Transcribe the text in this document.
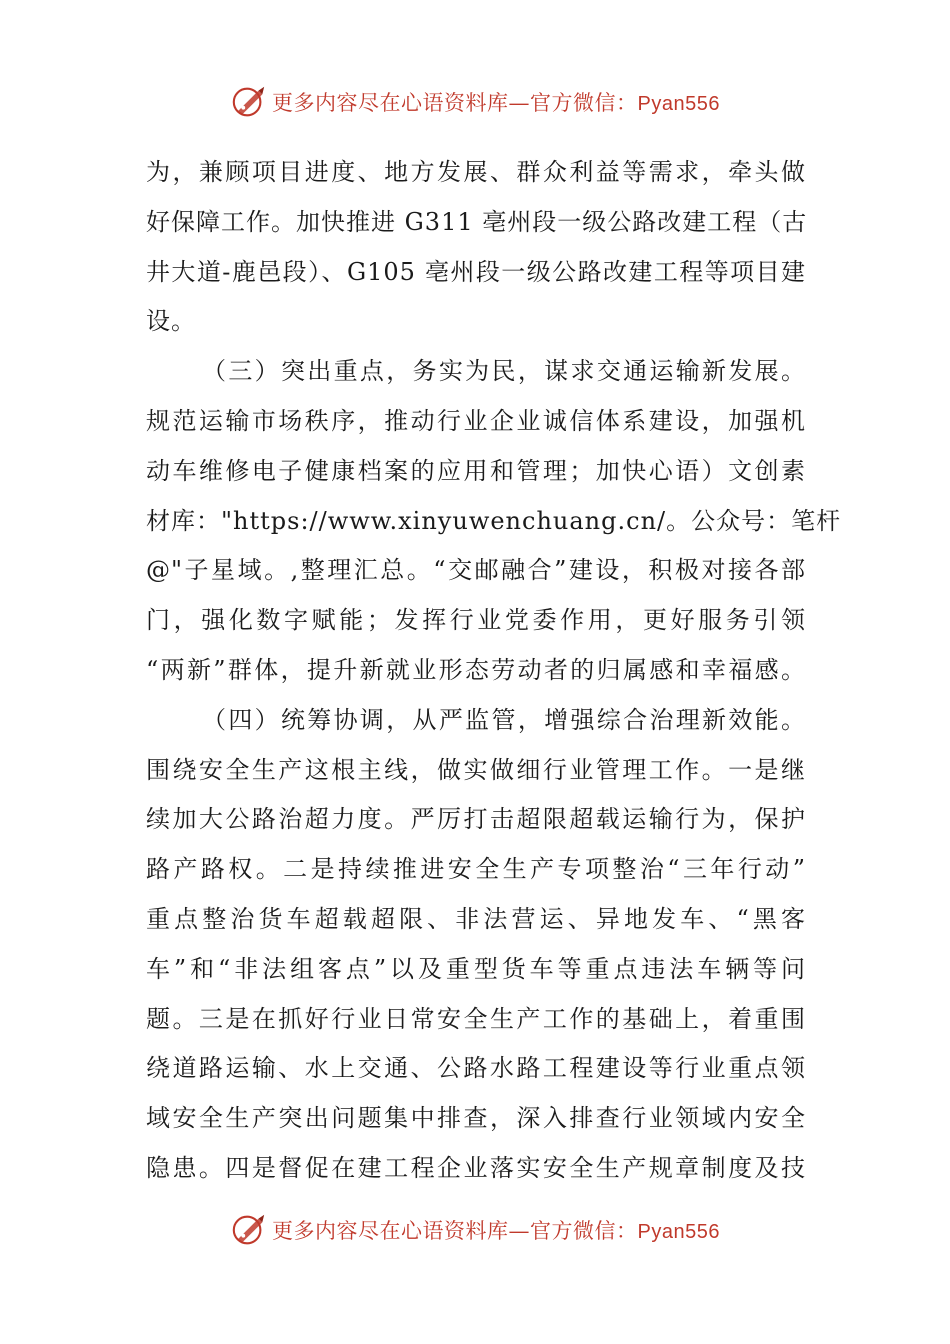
更多内容尽在心语资料库—官方微信：Pyan556
为，兼顾项目进度、地方发展、群众利益等需求，牵头做
好保障工作。加快推进 G311 亳州段一级公路改建工程（古
井大道-鹿邑段）、G105 亳州段一级公路改建工程等项目建
设。
（三）突出重点，务实为民，谋求交通运输新发展。
规范运输市场秩序，推动行业企业诚信体系建设，加强机
动车维修电子健康档案的应用和管理；加快心语）文创素
材库："https://www.xinyuwenchuang.cn/。公众号：笔杆
@"子星域。,整理汇总。“交邮融合”建设，积极对接各部
门，强化数字赋能；发挥行业党委作用，更好服务引领
“两新”群体，提升新就业形态劳动者的归属感和幸福感。
（四）统筹协调，从严监管，增强综合治理新效能。
围绕安全生产这根主线，做实做细行业管理工作。一是继
续加大公路治超力度。严厉打击超限超载运输行为，保护
路产路权。二是持续推进安全生产专项整治“三年行动”
重点整治货车超载超限、非法营运、异地发车、“黑客
车”和“非法组客点”以及重型货车等重点违法车辆等问
题。三是在抓好行业日常安全生产工作的基础上，着重围
绕道路运输、水上交通、公路水路工程建设等行业重点领
域安全生产突出问题集中排查，深入排查行业领域内安全
隐患。四是督促在建工程企业落实安全生产规章制度及技
更多内容尽在心语资料库—官方微信：Pyan556
